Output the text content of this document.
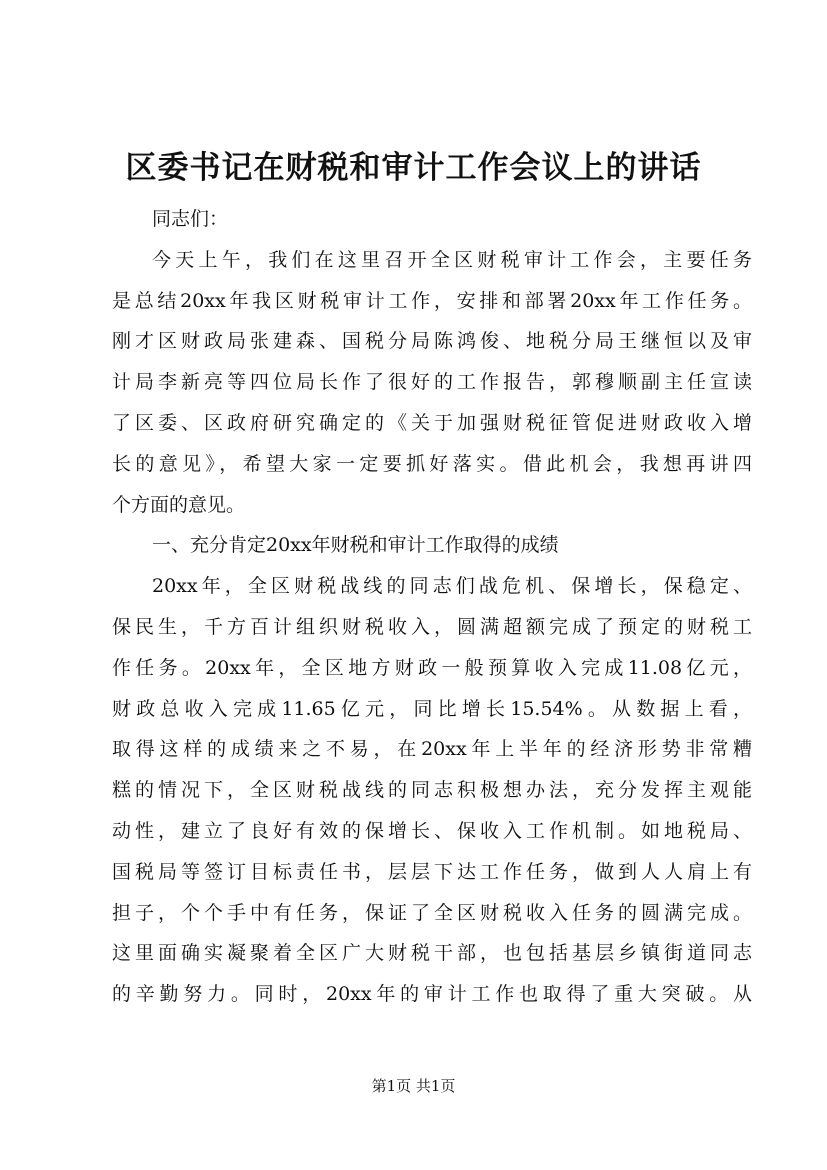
区委书记在财税和审计工作会议上的讲话
同志们：
今天上午，我们在这里召开全区财税审计工作会，主要任务
是总结20xx年我区财税审计工作，安排和部署20xx年工作任务。
刚才区财政局张建森、国税分局陈鸿俊、地税分局王继恒以及审
计局李新亮等四位局长作了很好的工作报告，郭穆顺副主任宣读
了区委、区政府研究确定的《关于加强财税征管促进财政收入增
长的意见》，希望大家一定要抓好落实。借此机会，我想再讲四
个方面的意见。
一、充分肯定20xx年财税和审计工作取得的成绩
20xx年，全区财税战线的同志们战危机、保增长，保稳定、
保民生，千方百计组织财税收入，圆满超额完成了预定的财税工
作任务。20xx年，全区地方财政一般预算收入完成11.08亿元，
财政总收入完成11.65亿元，同比增长15.54%。从数据上看，
取得这样的成绩来之不易，在20xx年上半年的经济形势非常糟
糕的情况下，全区财税战线的同志积极想办法，充分发挥主观能
动性，建立了良好有效的保增长、保收入工作机制。如地税局、
国税局等签订目标责任书，层层下达工作任务，做到人人肩上有
担子，个个手中有任务，保证了全区财税收入任务的圆满完成。
这里面确实凝聚着全区广大财税干部，也包括基层乡镇街道同志
的辛勤努力。同时，20xx年的审计工作也取得了重大突破。从
第1页 共1页
